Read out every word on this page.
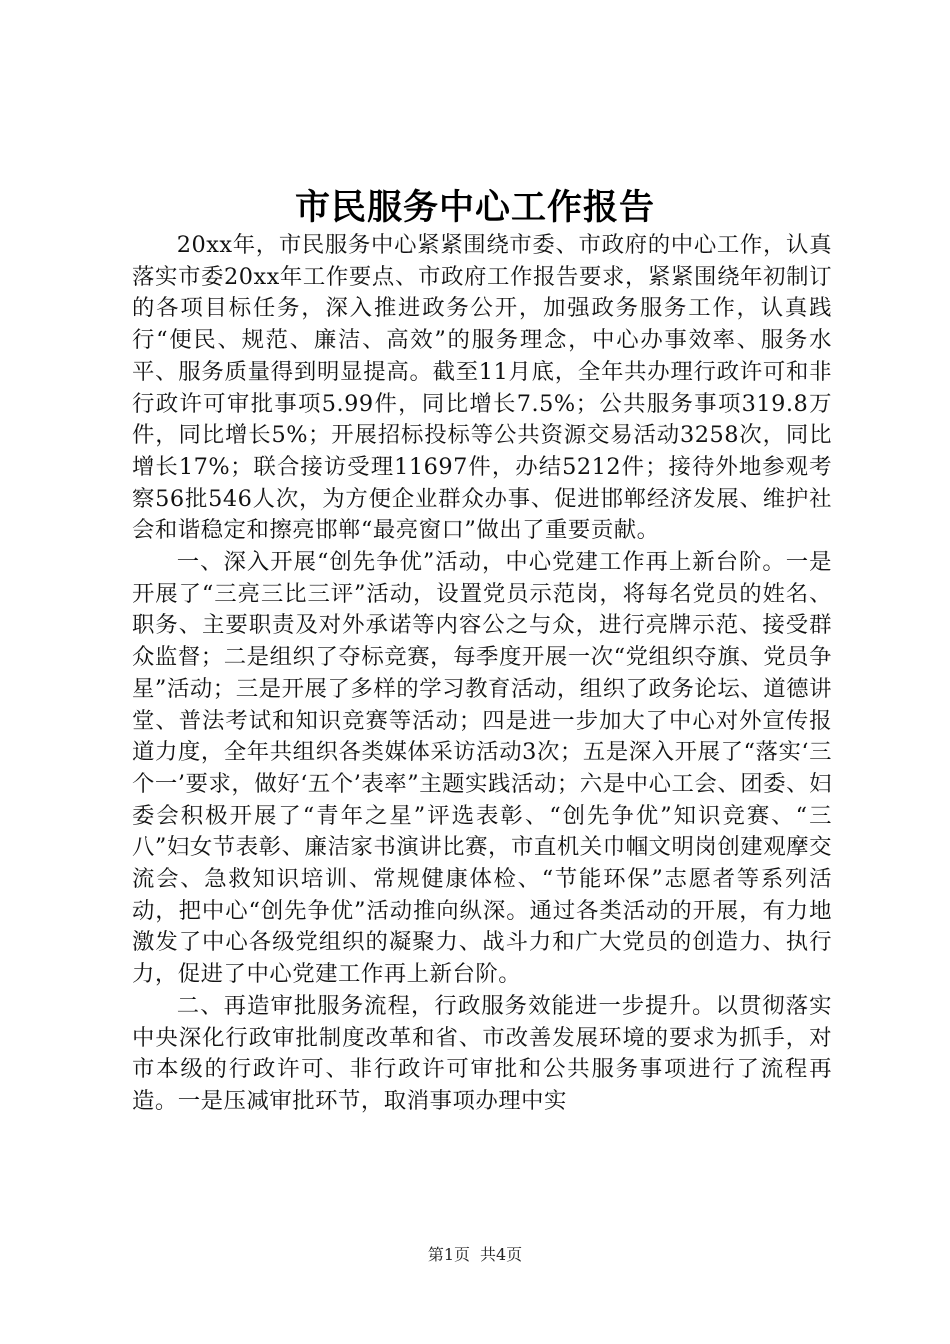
市民服务中心工作报告

20xx年，市民服务中心紧紧围绕市委、市政府的中心工作，认真落实市委20xx年工作要点、市政府工作报告要求，紧紧围绕年初制订的各项目标任务，深入推进政务公开，加强政务服务工作，认真践行“便民、规范、廉洁、高效”的服务理念，中心办事效率、服务水平、服务质量得到明显提高。截至11月底，全年共办理行政许可和非行政许可审批事项5.99件，同比增长7.5%；公共服务事项319.8万件，同比增长5%；开展招标投标等公共资源交易活动3258次，同比增长17%；联合接访受理11697件，办结5212件；接待外地参观考察56批546人次，为方便企业群众办事、促进邯郸经济发展、维护社会和谐稳定和擦亮邯郸“最亮窗口”做出了重要贡献。

一、深入开展“创先争优”活动，中心党建工作再上新台阶。一是开展了“三亮三比三评”活动，设置党员示范岗，将每名党员的姓名、职务、主要职责及对外承诺等内容公之与众，进行亮牌示范、接受群众监督；二是组织了夺标竞赛，每季度开展一次“党组织夺旗、党员争星”活动；三是开展了多样的学习教育活动，组织了政务论坛、道德讲堂、普法考试和知识竞赛等活动；四是进一步加大了中心对外宣传报道力度，全年共组织各类媒体采访活动3次；五是深入开展了“落实‘三个一’要求，做好‘五个’表率”主题实践活动；六是中心工会、团委、妇委会积极开展了“青年之星”评选表彰、“创先争优”知识竞赛、“三八”妇女节表彰、廉洁家书演讲比赛，市直机关巾帼文明岗创建观摩交流会、急救知识培训、常规健康体检、“节能环保”志愿者等系列活动，把中心“创先争优”活动推向纵深。通过各类活动的开展，有力地激发了中心各级党组织的凝聚力、战斗力和广大党员的创造力、执行力，促进了中心党建工作再上新台阶。

二、再造审批服务流程，行政服务效能进一步提升。以贯彻落实中央深化行政审批制度改革和省、市改善发展环境的要求为抓手，对市本级的行政许可、非行政许可审批和公共服务事项进行了流程再造。一是压减审批环节，取消事项办理中实

第1页 共4页
